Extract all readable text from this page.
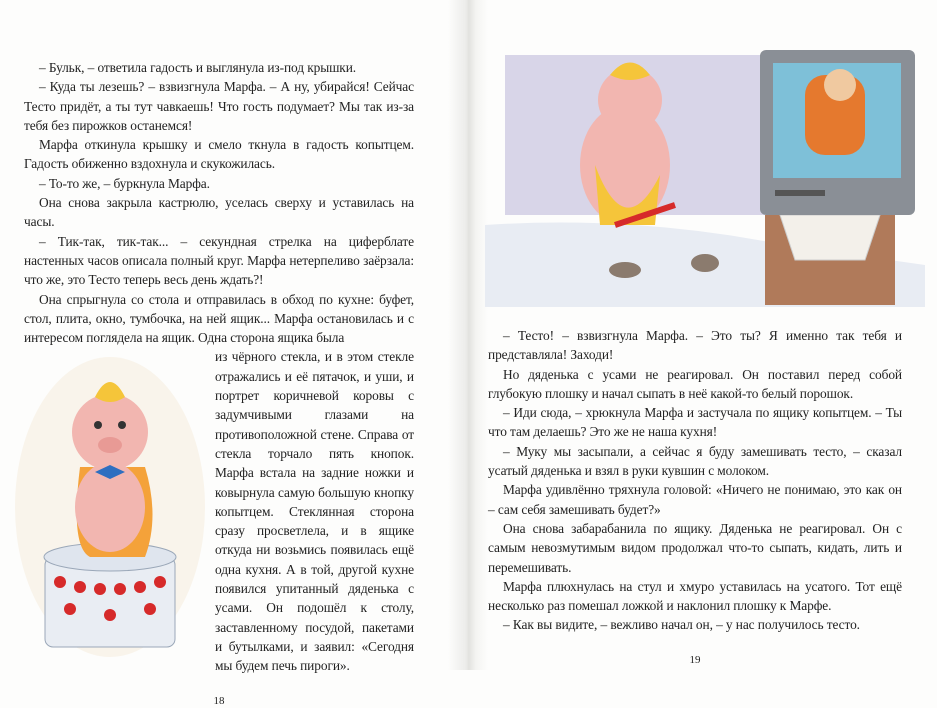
– Бульк, – ответила гадость и выглянула из-под крышки.

– Куда ты лезешь? – взвизгнула Марфа. – А ну, убирайся! Сейчас Тесто придёт, а ты тут чавкаешь! Что гость подумает? Мы так из-за тебя без пирожков останемся!

Марфа откинула крышку и смело ткнула в гадость копытцем. Гадость обиженно вздохнула и скукожилась.

– То-то же, – буркнула Марфа.

Она снова закрыла кастрюлю, уселась сверху и уставилась на часы.

– Тик-так, тик-так... – секундная стрелка на циферблате настенных часов описала полный круг. Марфа нетерпеливо заёрзала: что же, это Тесто теперь весь день ждать?!

Она спрыгнула со стола и отправилась в обход по кухне: буфет, стол, плита, окно, тумбочка, на ней ящик... Марфа остановилась и с интересом поглядела на ящик. Одна сторона ящика была

из чёрного стекла, и в этом стекле отражались и её пятачок, и уши, и портрет коричневой коровы с задумчивыми глазами на противоположной стене. Справа от стекла торчало пять кнопок. Марфа встала на задние ножки и ковырнула самую большую кнопку копытцем. Стеклянная сторона сразу просветлела, и в ящике откуда ни возьмись появилась ещё одна кухня. А в той, другой кухне появился упитанный дяденька с усами. Он подошёл к столу, заставленному посудой, пакетами и бутылками, и заявил: «Сегодня мы будем печь пироги».

18

– Тесто! – взвизгнула Марфа. – Это ты? Я именно так тебя и представляла! Заходи!

Но дяденька с усами не реагировал. Он поставил перед собой глубокую плошку и начал сыпать в неё какой-то белый порошок.

– Иди сюда, – хрюкнула Марфа и застучала по ящику копытцем. – Ты что там делаешь? Это же не наша кухня!

– Муку мы засыпали, а сейчас я буду замешивать тесто, – сказал усатый дяденька и взял в руки кувшин с молоком.

Марфа удивлённо тряхнула головой: «Ничего не понимаю, это как он – сам себя замешивать будет?»

Она снова забарабанила по ящику. Дяденька не реагировал. Он с самым невозмутимым видом продолжал что-то сыпать, кидать, лить и перемешивать.

Марфа плюхнулась на стул и хмуро уставилась на усатого. Тот ещё несколько раз помешал ложкой и наклонил плошку к Марфе.

– Как вы видите, – вежливо начал он, – у нас получилось тесто.

19
